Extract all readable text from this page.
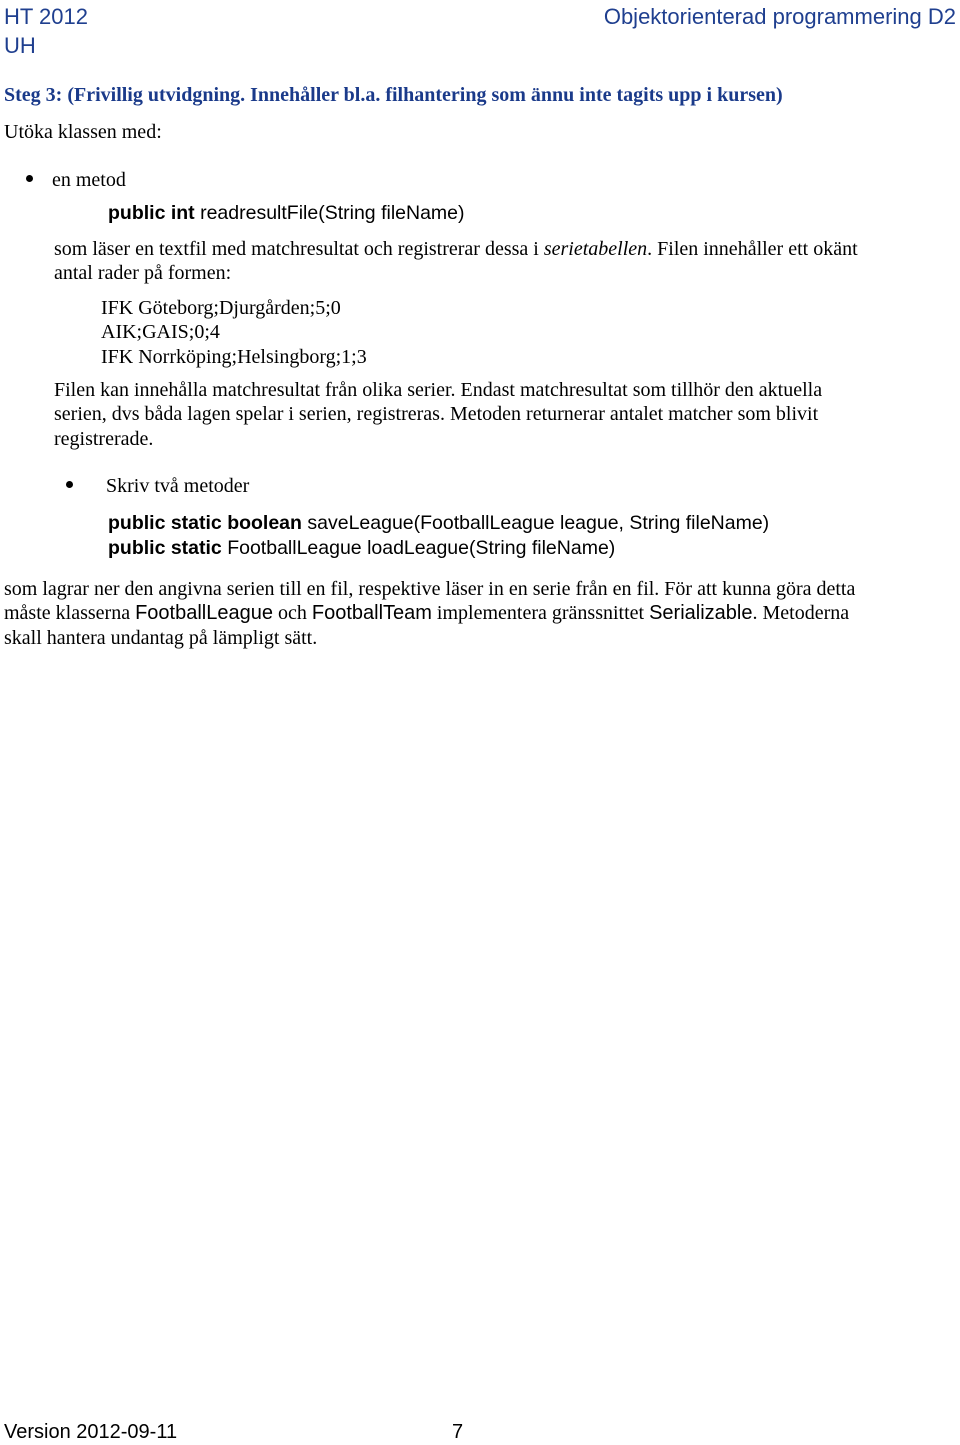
HT 2012
UH
Objektorienterad programmering D2
Steg 3: (Frivillig utvidgning. Innehåller bl.a. filhantering som ännu inte tagits upp i kursen)
Utöka klassen med:
en metod
public int readresultFile(String fileName)
som läser en textfil med matchresultat och registrerar dessa i serietabellen. Filen innehåller ett okänt
antal rader på formen:
IFK Göteborg;Djurgården;5;0
AIK;GAIS;0;4
IFK Norrköping;Helsingborg;1;3
Filen kan innehålla matchresultat från olika serier. Endast matchresultat som tillhör den aktuella
serien, dvs båda lagen spelar i serien, registreras. Metoden returnerar antalet matcher som blivit
registrerade.
Skriv två metoder
public static boolean saveLeague(FootballLeague league, String fileName)
public static FootballLeague loadLeague(String fileName)
som lagrar ner den angivna serien till en fil, respektive läser in en serie från en fil. För att kunna göra detta
måste klasserna FootballLeague och FootballTeam implementera gränssnittet Serializable. Metoderna
skall hantera undantag på lämpligt sätt.
Version 2012-09-11	7
